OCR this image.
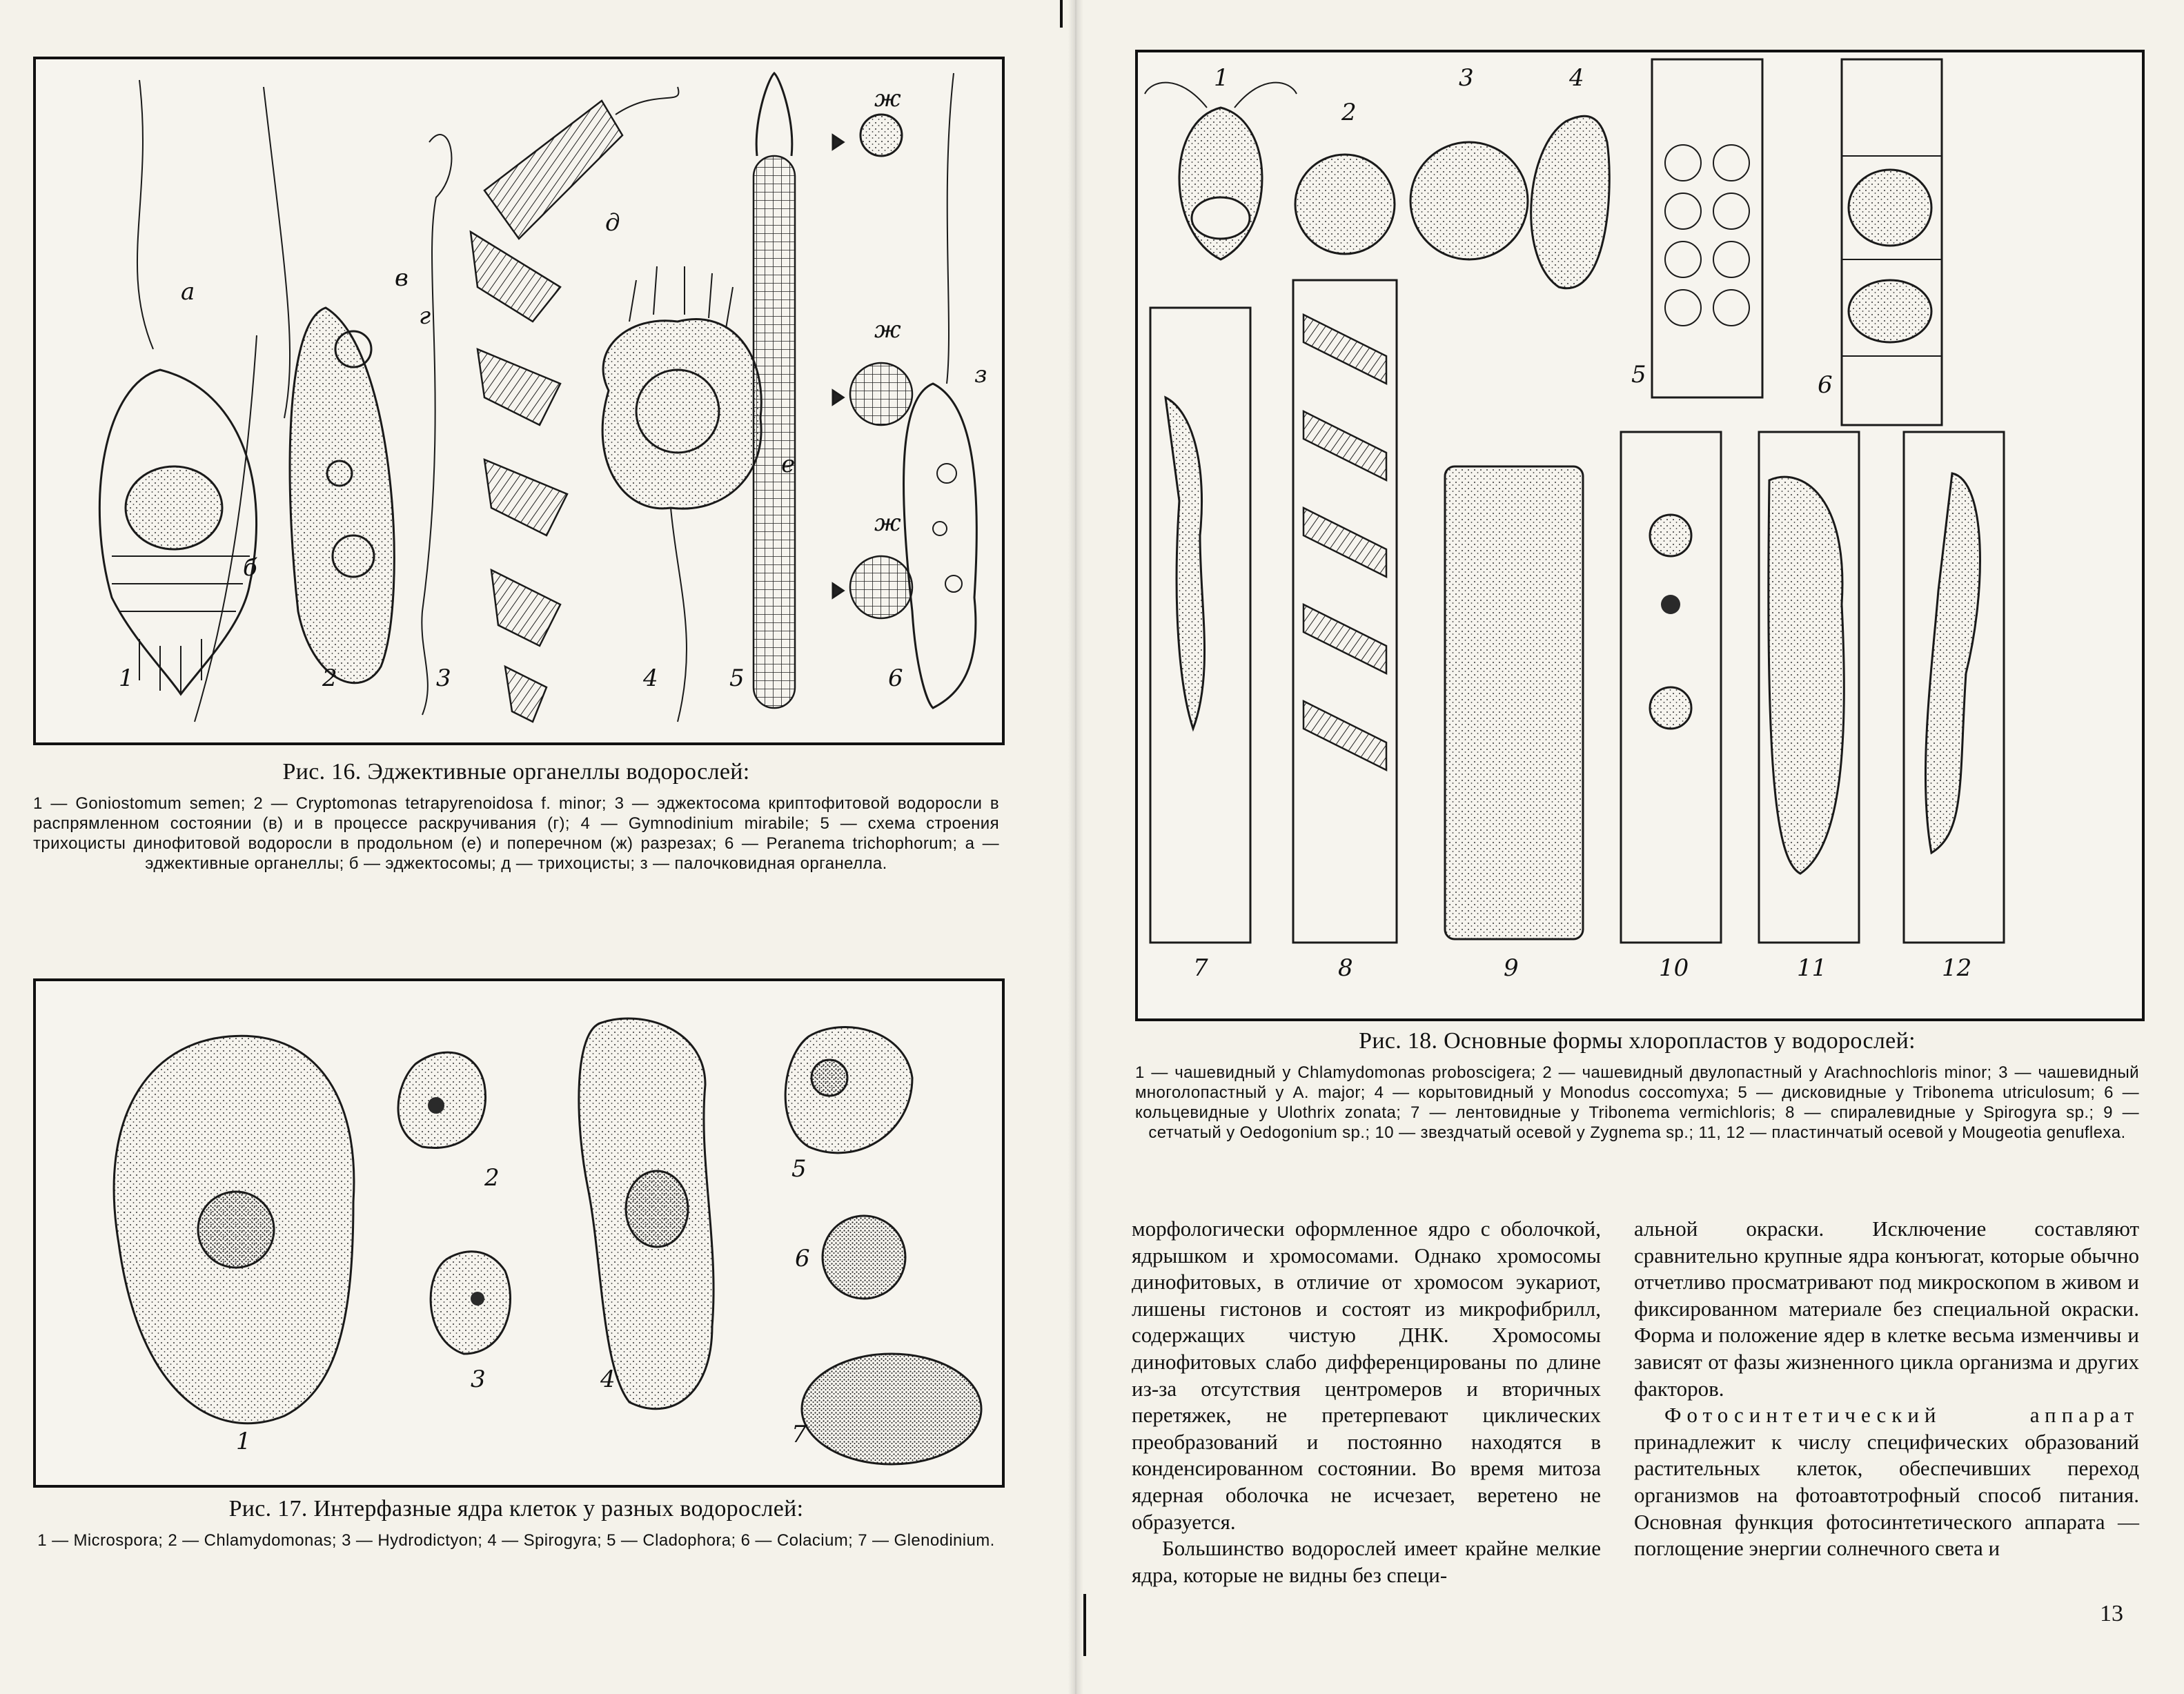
1	2	3	4	5	6
а
б
в
г
д
е
ж
ж
ж
з
Рис. 16. Эджективные органеллы водорослей:
1 — Goniostomum semen; 2 — Cryptomonas tetrapyrenoidosa f. minor; 3 — эджектосома криптофитовой водоросли в распрямленном состоянии (в) и в процессе раскручивания (г); 4 — Gymnodinium mirabile; 5 — схема строения трихоцисты динофитовой водоросли в продольном (е) и поперечном (ж) разрезах; 6 — Peranema trichophorum; а — эджективные органеллы; б — эджектосомы; д — трихоцисты; з — палочковидная органелла.
1
2
3	4
5
6
7
Рис. 17. Интерфазные ядра клеток у разных водорослей:
1 — Microspora; 2 — Chlamydomonas; 3 — Hydrodictyon; 4 — Spirogyra; 5 — Cladophora; 6 — Colacium; 7 — Glenodinium.
1
2
3	4
5	6
7	8	9	10	11	12
Рис. 18. Основные формы хлоропластов у водорослей:
1 — чашевидный у Chlamydomonas proboscigera; 2 — чашевидный двулопастный у Arachnochloris minor; 3 — чашевидный многолопастный у A. major; 4 — корытовидный у Monodus coccomyxa; 5 — дисковидные у Tribonema utriculosum; 6 — кольцевидные у Ulothrix zonata; 7 — лентовидные у Tribonema vermichloris; 8 — спиралевидные у Spirogyra sp.; 9 — сетчатый у Oedogonium sp.; 10 — звездчатый осевой у Zygnema sp.; 11, 12 — пластинчатый осевой у Mougeotia genuflexa.

морфологически оформленное ядро с оболочкой, ядрышком и хромосомами. Однако хромосомы динофитовых, в отличие от хромосом эукариот, лишены гистонов и состоят из микрофибрилл, содержащих чистую ДНК. Хромосомы динофитовых слабо дифференцированы по длине из-за отсутствия центромеров и вторичных перетяжек, не претерпевают циклических преобразований и постоянно находятся в конденсированном состоянии. Во время митоза ядерная оболочка не исчезает, веретено не образуется.

Большинство водорослей имеет крайне мелкие ядра, которые не видны без специ-

альной окраски. Исключение составляют сравнительно крупные ядра конъюгат, которые обычно отчетливо просматривают под микроскопом в живом и фиксированном материале без специальной окраски. Форма и положение ядер в клетке весьма изменчивы и зависят от фазы жизненного цикла организма и других факторов.

Фотосинтетический аппарат принадлежит к числу специфических образований растительных клеток, обеспечивших переход организмов на фотоавтотрофный способ питания. Основная функция фотосинтетического аппарата — поглощение энергии солнечного света и

13
